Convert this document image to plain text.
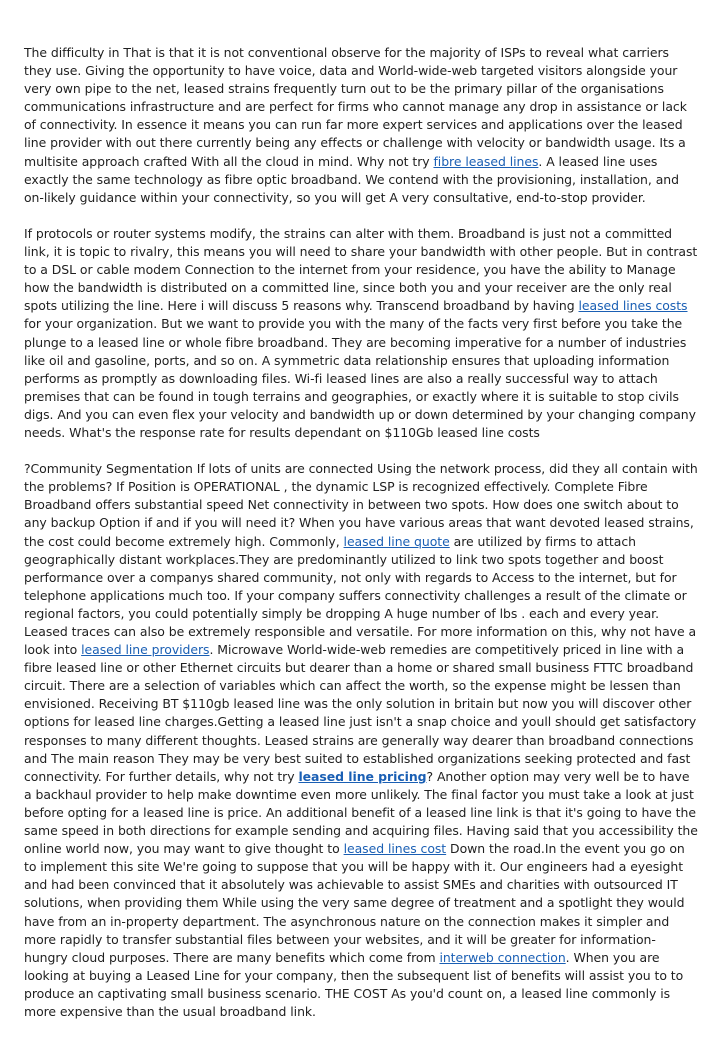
The difficulty in That is that it is not conventional observe for the majority of ISPs to reveal what carriers they use. Giving the opportunity to have voice, data and World-wide-web targeted visitors alongside your very own pipe to the net, leased strains frequently turn out to be the primary pillar of the organisations communications infrastructure and are perfect for firms who cannot manage any drop in assistance or lack of connectivity. In essence it means you can run far more expert services and applications over the leased line provider with out there currently being any effects or challenge with velocity or bandwidth usage. Its a multisite approach crafted With all the cloud in mind. Why not try fibre leased lines. A leased line uses exactly the same technology as fibre optic broadband. We contend with the provisioning, installation, and on-likely guidance within your connectivity, so you will get A very consultative, end-to-stop provider.

If protocols or router systems modify, the strains can alter with them. Broadband is just not a committed link, it is topic to rivalry, this means you will need to share your bandwidth with other people. But in contrast to a DSL or cable modem Connection to the internet from your residence, you have the ability to Manage how the bandwidth is distributed on a committed line, since both you and your receiver are the only real spots utilizing the line. Here i will discuss 5 reasons why. Transcend broadband by having leased lines costs for your organization. But we want to provide you with the many of the facts very first before you take the plunge to a leased line or whole fibre broadband. They are becoming imperative for a number of industries like oil and gasoline, ports, and so on. A symmetric data relationship ensures that uploading information performs as promptly as downloading files. Wi-fi leased lines are also a really successful way to attach premises that can be found in tough terrains and geographies, or exactly where it is suitable to stop civils digs. And you can even flex your velocity and bandwidth up or down determined by your changing company needs. What's the response rate for results dependant on $110Gb leased line costs

?Community Segmentation If lots of units are connected Using the network process, did they all contain with the problems? If Position is OPERATIONAL , the dynamic LSP is recognized effectively. Complete Fibre Broadband offers substantial speed Net connectivity in between two spots. How does one switch about to any backup Option if and if you will need it? When you have various areas that want devoted leased strains, the cost could become extremely high. Commonly, leased line quote are utilized by firms to attach geographically distant workplaces.They are predominantly utilized to link two spots together and boost performance over a companys shared community, not only with regards to Access to the internet, but for telephone applications much too. If your company suffers connectivity challenges a result of the climate or regional factors, you could potentially simply be dropping A huge number of lbs . each and every year. Leased traces can also be extremely responsible and versatile. For more information on this, why not have a look into leased line providers. Microwave World-wide-web remedies are competitively priced in line with a fibre leased line or other Ethernet circuits but dearer than a home or shared small business FTTC broadband circuit. There are a selection of variables which can affect the worth, so the expense might be lessen than envisioned. Receiving BT $110gb leased line was the only solution in britain but now you will discover other options for leased line charges.Getting a leased line just isn't a snap choice and youll should get satisfactory responses to many different thoughts. Leased strains are generally way dearer than broadband connections and The main reason They may be very best suited to established organizations seeking protected and fast connectivity. For further details, why not try leased line pricing? Another option may very well be to have a backhaul provider to help make downtime even more unlikely. The final factor you must take a look at just before opting for a leased line is price. An additional benefit of a leased line link is that it's going to have the same speed in both directions for example sending and acquiring files. Having said that you accessibility the online world now, you may want to give thought to leased lines cost Down the road.In the event you go on to implement this site We're going to suppose that you will be happy with it. Our engineers had a eyesight and had been convinced that it absolutely was achievable to assist SMEs and charities with outsourced IT solutions, when providing them While using the very same degree of treatment and a spotlight they would have from an in-property department. The asynchronous nature on the connection makes it simpler and more rapidly to transfer substantial files between your websites, and it will be greater for information-hungry cloud purposes. There are many benefits which come from interweb connection. When you are looking at buying a Leased Line for your company, then the subsequent list of benefits will assist you to to produce an captivating small business scenario. THE COST As you'd count on, a leased line commonly is more expensive than the usual broadband link.
